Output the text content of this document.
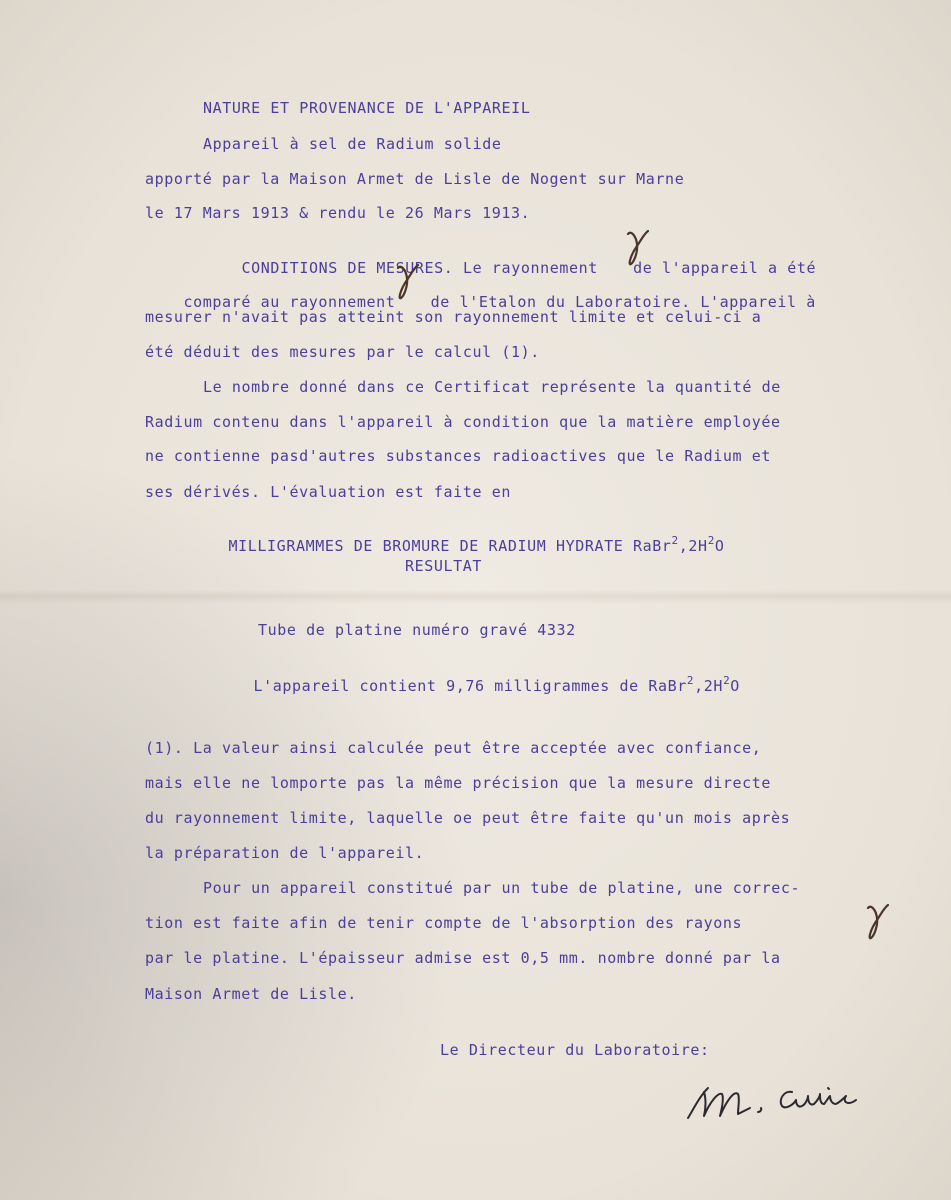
NATURE ET PROVENANCE DE L'APPAREIL
Appareil à sel de Radium solide
apporté par la Maison Armet de Lisle de Nogent sur Marne
le 17 Mars 1913 & rendu le 26 Mars 1913.

CONDITIONS DE MESURES. Le rayonnement  de l'appareil a été

comparé au rayonnement  de l'Etalon du Laboratoire. L'appareil à

mesurer n'avait pas atteint son rayonnement limite et celui-ci a
été déduit des mesures par le calcul (1).
Le nombre donné dans ce Certificat représente la quantité de
Radium contenu dans l'appareil à condition que la matière employée
ne contienne pasd'autres substances radioactives que le Radium et
ses dérivés. L'évaluation est faite en

MILLIGRAMMES DE BROMURE DE RADIUM HYDRATE $RaBr^2,2H^2O$

RESULTAT
Tube de platine numéro gravé 4332

L'appareil contient 9,76 milligrammes de $RaBr^2,2H^2O$

(1). La valeur ainsi calculée peut être acceptée avec confiance,
mais elle ne lomporte pas la même précision que la mesure directe
du rayonnement limite, laquelle oe peut être faite qu'un mois après
la préparation de l'appareil.
Pour un appareil constitué par un tube de platine, une correc-
tion est faite afin de tenir compte de l'absorption des rayons
par le platine. L'épaisseur admise est 0,5 mm. nombre donné par la
Maison Armet de Lisle.
Le Directeur du Laboratoire:
